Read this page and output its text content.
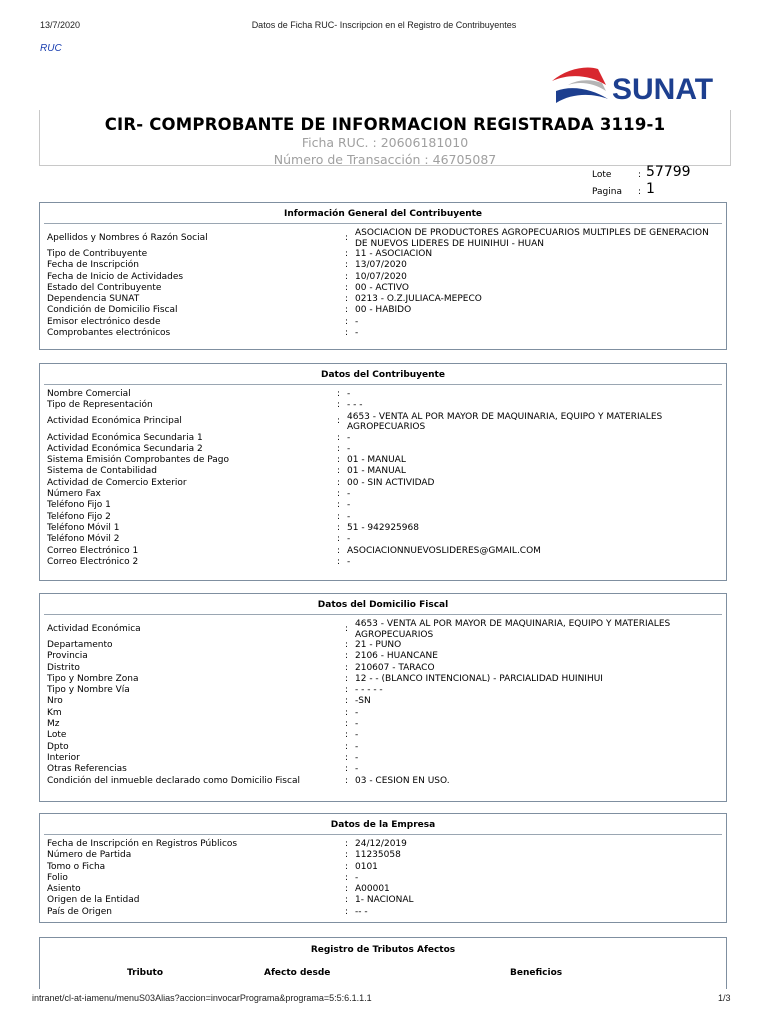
13/7/2020	Datos de Ficha RUC- Inscripcion en el Registro de Contribuyentes
RUC
SUNAT
CIR- COMPROBANTE DE INFORMACION REGISTRADA 3119-1
Ficha RUC. : 20606181010
Número de Transacción : 46705087
Lote	: 57799
Pagina : 1
Información General del Contribuyente
Apellidos y Nombres ó Razón Social	: ASOCIACION DE PRODUCTORES AGROPECUARIOS MULTIPLES DE GENERACION DE NUEVOS LIDERES DE HUINIHUI - HUAN
Tipo de Contribuyente	: 11 - ASOCIACION
Fecha de Inscripción	: 13/07/2020
Fecha de Inicio de Actividades	: 10/07/2020
Estado del Contribuyente	: 00 - ACTIVO
Dependencia SUNAT	: 0213 - O.Z.JULIACA-MEPECO
Condición de Domicilio Fiscal	: 00 - HABIDO
Emisor electrónico desde	: -
Comprobantes electrónicos	: -
Datos del Contribuyente
Nombre Comercial	: -
Tipo de Representación	: - - -
Actividad Económica Principal	: 4653 - VENTA AL POR MAYOR DE MAQUINARIA, EQUIPO Y MATERIALES AGROPECUARIOS
Actividad Económica Secundaria 1	: -
Actividad Económica Secundaria 2	: -
Sistema Emisión Comprobantes de Pago	: 01 - MANUAL
Sistema de Contabilidad	: 01 - MANUAL
Actividad de Comercio Exterior	: 00 - SIN ACTIVIDAD
Número Fax	: -
Teléfono Fijo 1	: -
Teléfono Fijo 2	: -
Teléfono Móvil 1	: 51 - 942925968
Teléfono Móvil 2	: -
Correo Electrónico 1	: ASOCIACIONNUEVOSLIDERES@GMAIL.COM
Correo Electrónico 2	: -
Datos del Domicilio Fiscal
Actividad Económica	: 4653 - VENTA AL POR MAYOR DE MAQUINARIA, EQUIPO Y MATERIALES AGROPECUARIOS
Departamento	: 21 - PUNO
Provincia	: 2106 - HUANCANE
Distrito	: 210607 - TARACO
Tipo y Nombre Zona	: 12 - - (BLANCO INTENCIONAL) - PARCIALIDAD HUINIHUI
Tipo y Nombre Vía	: - - - - -
Nro	: -SN
Km	: -
Mz	: -
Lote	: -
Dpto	: -
Interior	: -
Otras Referencias	: -
Condición del inmueble declarado como Domicilio Fiscal	: 03 - CESION EN USO.
Datos de la Empresa
Fecha de Inscripción en Registros Públicos	: 24/12/2019
Número de Partida	: 11235058
Tomo o Ficha	: 0101
Folio	: -
Asiento	: A00001
Origen de la Entidad	: 1- NACIONAL
País de Origen	: -- -
Registro de Tributos Afectos
Tributo	Afecto desde	Beneficios
intranet/cl-at-iamenu/menuS03Alias?accion=invocarPrograma&programa=5:5:6.1.1.1	1/3
